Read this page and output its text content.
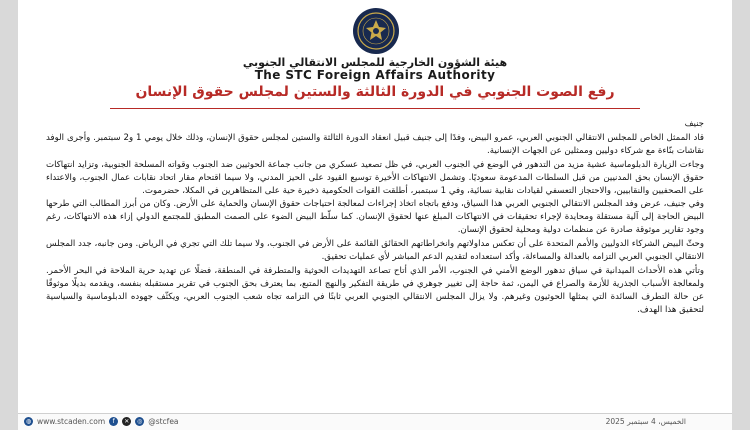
هيئة الشؤون الخارجية للمجلس الانتقالي الجنوبي
The STC Foreign Affairs Authority
رفع الصوت الجنوبي في الدورة الثالثة والستين لمجلس حقوق الإنسان

جنيف

قاد الممثل الخاص للمجلس الانتقالي الجنوبي العربي، عمرو البيض، وفدًا إلى جنيف قبيل انعقاد الدورة الثالثة والستين لمجلس حقوق الإنسان، وذلك خلال يومي 1 و2 سبتمبر. وأجرى الوفد نقاشات بنّاءة مع شركاء دوليين وممثلين عن الجهات الإنسانية.

وجاءت الزيارة الدبلوماسية عشية مزيد من التدهور في الوضع في الجنوب العربي، في ظل تصعيد عسكري من جانب جماعة الحوثيين ضد الجنوب وقواته المسلحة الجنوبية، وتزايد انتهاكات حقوق الإنسان بحق المدنيين من قبل السلطات المدعومة سعوديًا. وتشمل الانتهاكات الأخيرة توسيع القيود على الحيز المدني، ولا سيما اقتحام مقار اتحاد نقابات عمال الجنوب، والاعتداء على الصحفيين والنقابيين، والاحتجاز التعسفي لقيادات نقابية نسائية، وفي 1 سبتمبر، أطلقت القوات الحكومية ذخيرة حية على المتظاهرين في المكلا، حضرموت.

وفي جنيف، عرض وفد المجلس الانتقالي الجنوبي العربي هذا السياق، ودفع باتجاه اتخاذ إجراءات لمعالجة احتياجات حقوق الإنسان والحماية على الأرض. وكان من أبرز المطالب التي طرحها البيض الحاجة إلى آلية مستقلة ومحايدة لإجراء تحقيقات في الانتهاكات المبلغ عنها لحقوق الإنسان. كما سلّط البيض الضوء على الصمت المطبق للمجتمع الدولي إزاء هذه الانتهاكات، رغم وجود تقارير موثوقة صادرة عن منظمات دولية ومحلية لحقوق الإنسان.

وحثّ البيض الشركاء الدوليين والأمم المتحدة على أن تعكس مداولاتهم وانخراطاتهم الحقائق القائمة على الأرض في الجنوب، ولا سيما تلك التي تجري في الرياض. ومن جانبه، جدد المجلس الانتقالي الجنوبي العربي التزامه بالعدالة والمساءلة، وأكد استعداده لتقديم الدعم المباشر لأي عمليات تحقيق.

وتأتي هذه الأحداث الميدانية في سياق تدهور الوضع الأمني في الجنوب، الأمر الذي أتاح تصاعد التهديدات الحوثية والمتطرفة في المنطقة، فضلًا عن تهديد حرية الملاحة في البحر الأحمر. ولمعالجة الأسباب الجذرية للأزمة والصراع في اليمن، ثمة حاجة إلى تغيير جوهري في طريقة التفكير والنهج المتبع، بما يعترف بحق الجنوب في تقرير مستقبله بنفسه، ويقدمه بديلًا موثوقًا عن حالة التطرف السائدة التي يمثلها الحوثيون وغيرهم. ولا يزال المجلس الانتقالي الجنوبي العربي ثابتًا في التزامه تجاه شعب الجنوب العربي، ويكثّف جهوده الدبلوماسية والسياسية لتحقيق هذا الهدف.

◍ www.stcaden.com	f	✕	◎ @stcfea	الخميس، 4 سبتمبر 2025
